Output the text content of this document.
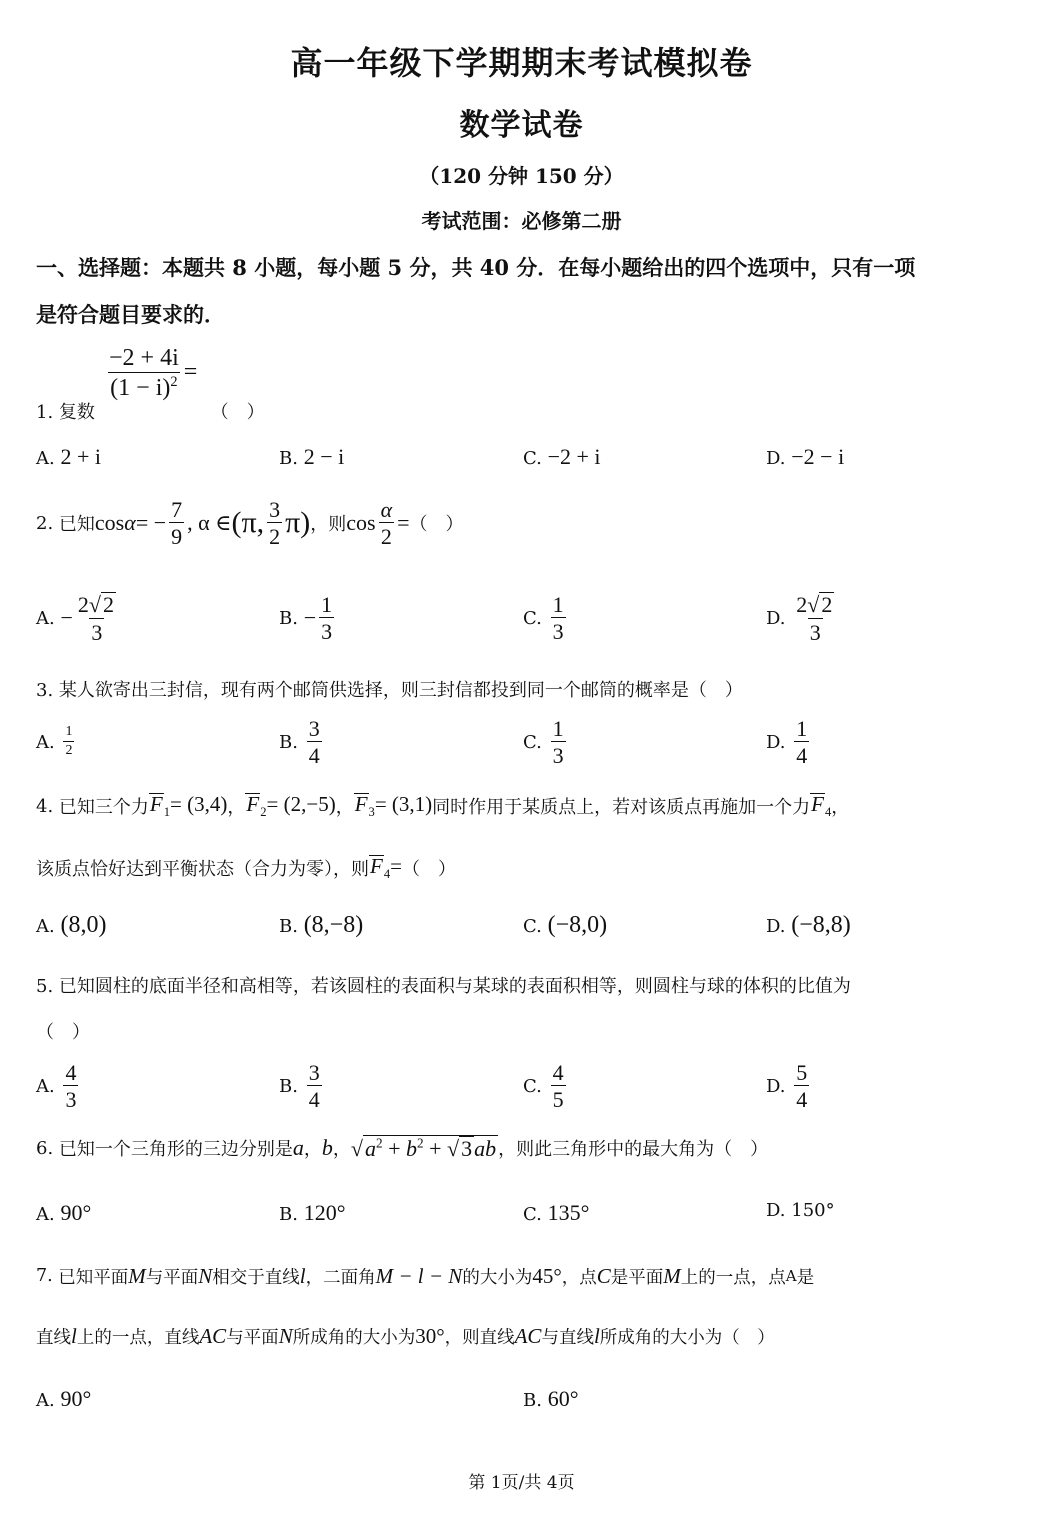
高一年级下学期期末考试模拟卷
数学试卷
（120 分钟 150 分）
考试范围：必修第二册
一、选择题：本题共 8 小题，每小题 5 分，共 40 分．在每小题给出的四个选项中，只有一项
是符合题目要求的．
$\frac{-2 + 4i}{(1 - i)^2}$ =
1. 复数	（　）
A. 2 + i	B. 2 − i	C. −2 + i	D. −2 − i
2.
已知 cos α = − $\frac{7}{9}$ , α ∈ (π, $\frac{3}{2} \pi$) ，则 $\cos \frac{\alpha}{2}$ = （　）
A.
− $\frac{2√2}{3}$	B.
− $\frac{1}{3}$	C.
$\frac{1}{3}$	D.
$\frac{2√2}{3}$
3. 某人欲寄出三封信，现有两个邮筒供选择，则三封信都投到同一个邮筒的概率是（　）
A.
$\frac{1}{2}$	B.
$\frac{3}{4}$	C.
$\frac{1}{3}$	D.
$\frac{1}{4}$
4.
已知三个力 $F_1= (3,4)$ ， $F_2= (2,-5)$ ， $F_3= (3,1)$ 同时作用于某质点上，若对该质点再施加一个力 $F_4$ ，
该质点恰好达到平衡状态（合力为零），则 $F_4=$ （　）
A. (8,0)	B. (8,−8)	C. (−8,0)	D. (−8,8)
5. 已知圆柱的底面半径和高相等，若该圆柱的表面积与某球的表面积相等，则圆柱与球的体积的比值为
（　）
A.
$\frac{4}{3}$	B.
$\frac{3}{4}$	C.
$\frac{4}{5}$	D.
$\frac{5}{4}$
6.
已知一个三角形的三边分别是 a ， b ， $√a^2 + b^2 + √3ab$ ，则此三角形中的最大角为（　）
A. 90°	B. 120°	C. 135°	D. 150°
7.
已知平面 M 与平面 N 相交于直线 l ，二面角 M − l − N 的大小为 45° ，点 C 是平面 M 上的一点，点 A 是
直线 l 上的一点，直线 AC 与平面 N 所成角的大小为 30° ，则直线 AC 与直线 l 所成角的大小为（　）
A. 90°	B. 60°
第 1页/共 4页
